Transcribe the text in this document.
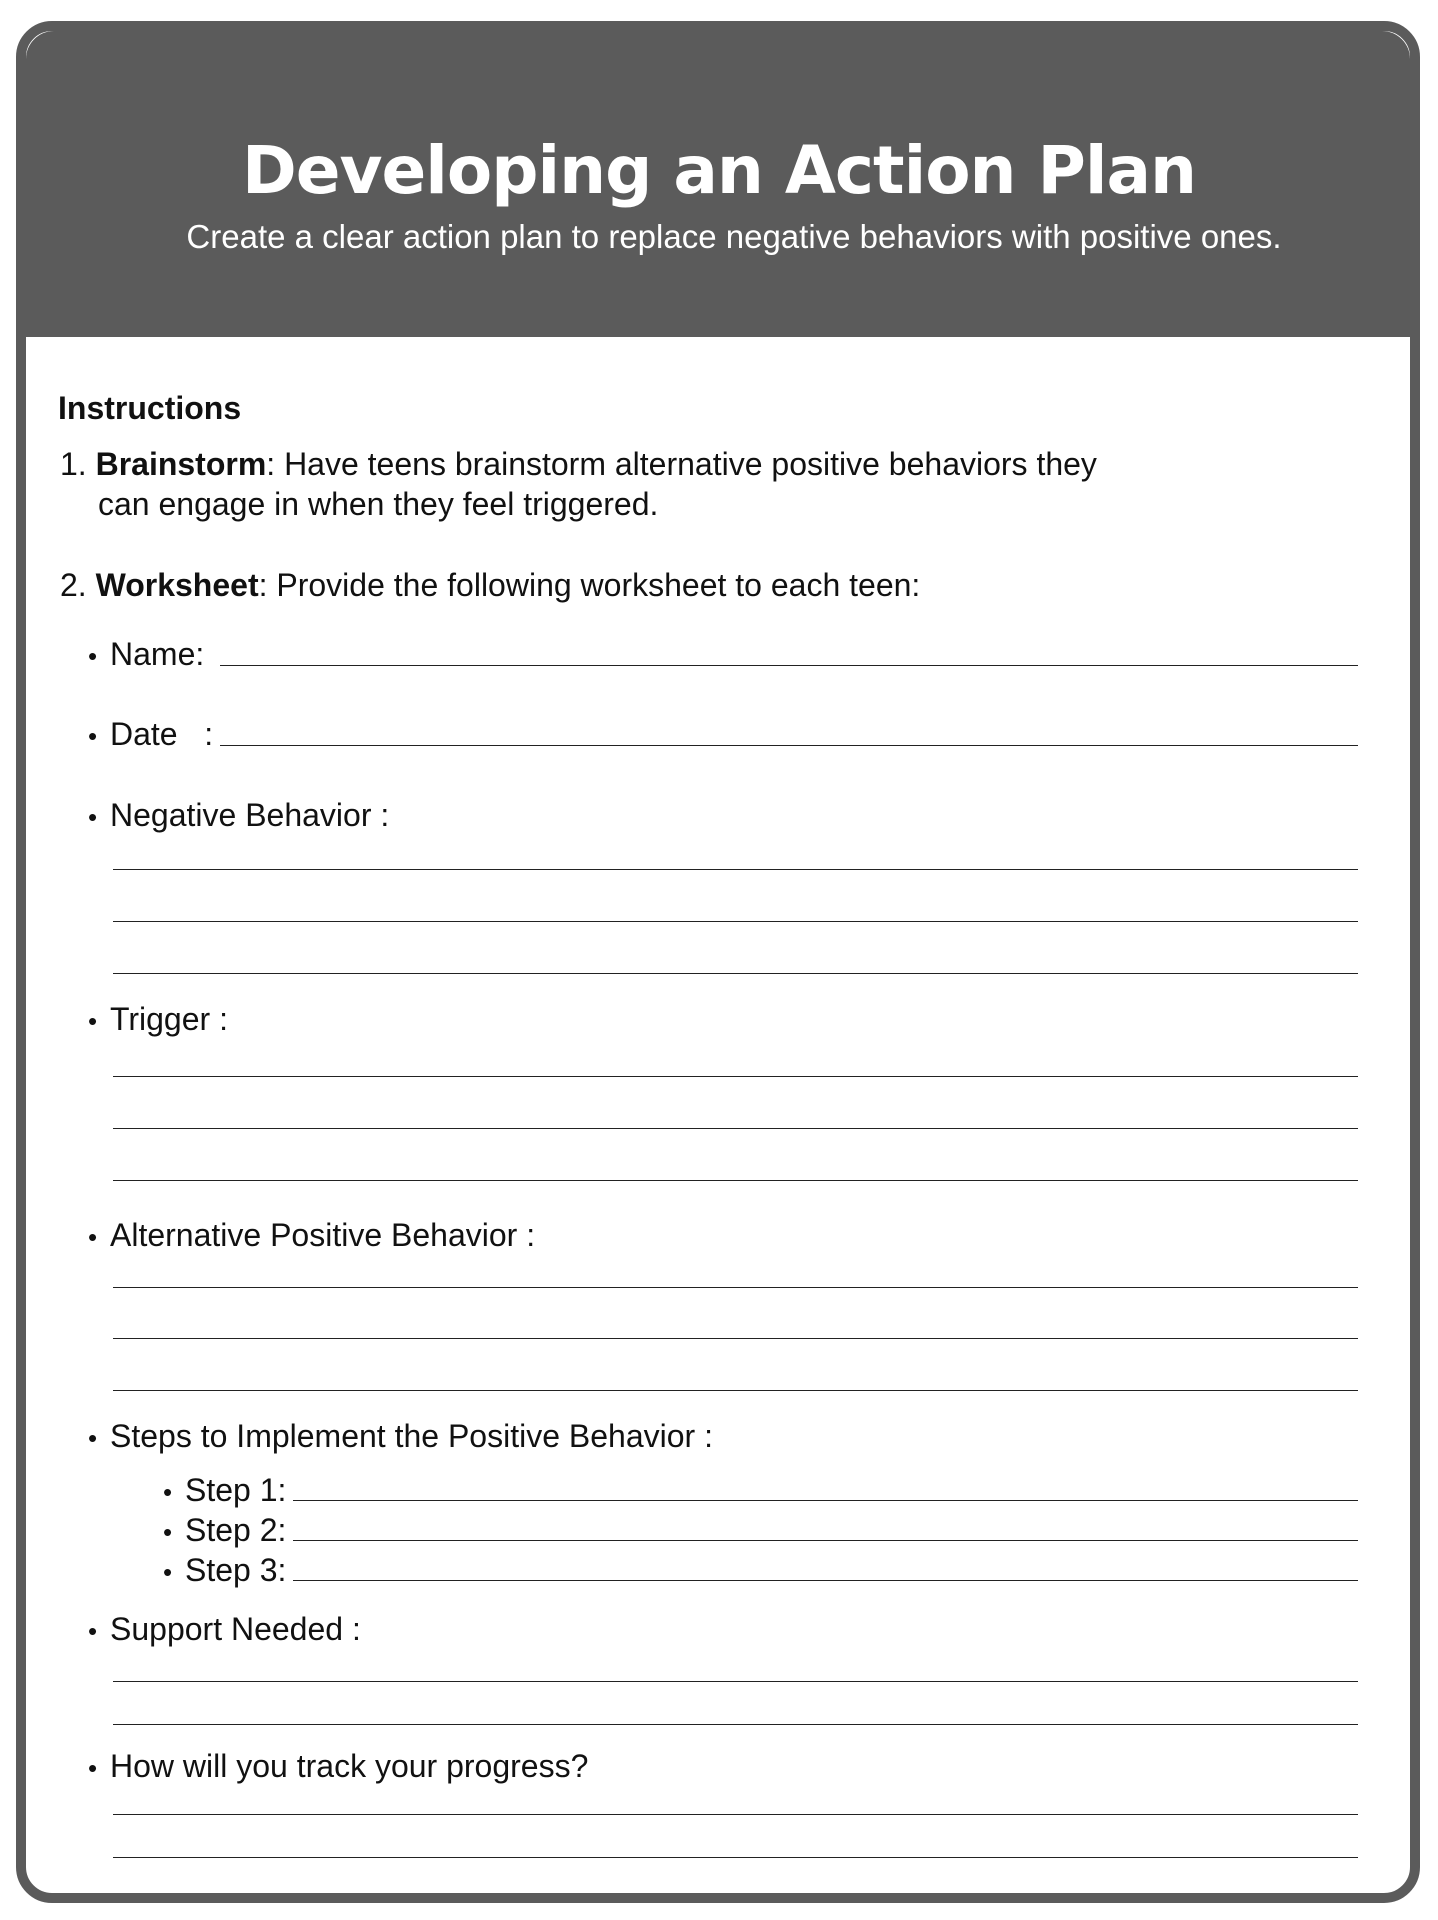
Developing an Action Plan
Create a clear action plan to replace negative behaviors with positive ones.
Instructions
1. Brainstorm: Have teens brainstorm alternative positive behaviors they
can engage in when they feel triggered.
2. Worksheet: Provide the following worksheet to each teen:
• Name:
• Date   :
• Negative Behavior :
• Trigger :
• Alternative Positive Behavior :
• Steps to Implement the Positive Behavior :
• Step 1:
• Step 2:
• Step 3:
• Support Needed :
• How will you track your progress?
